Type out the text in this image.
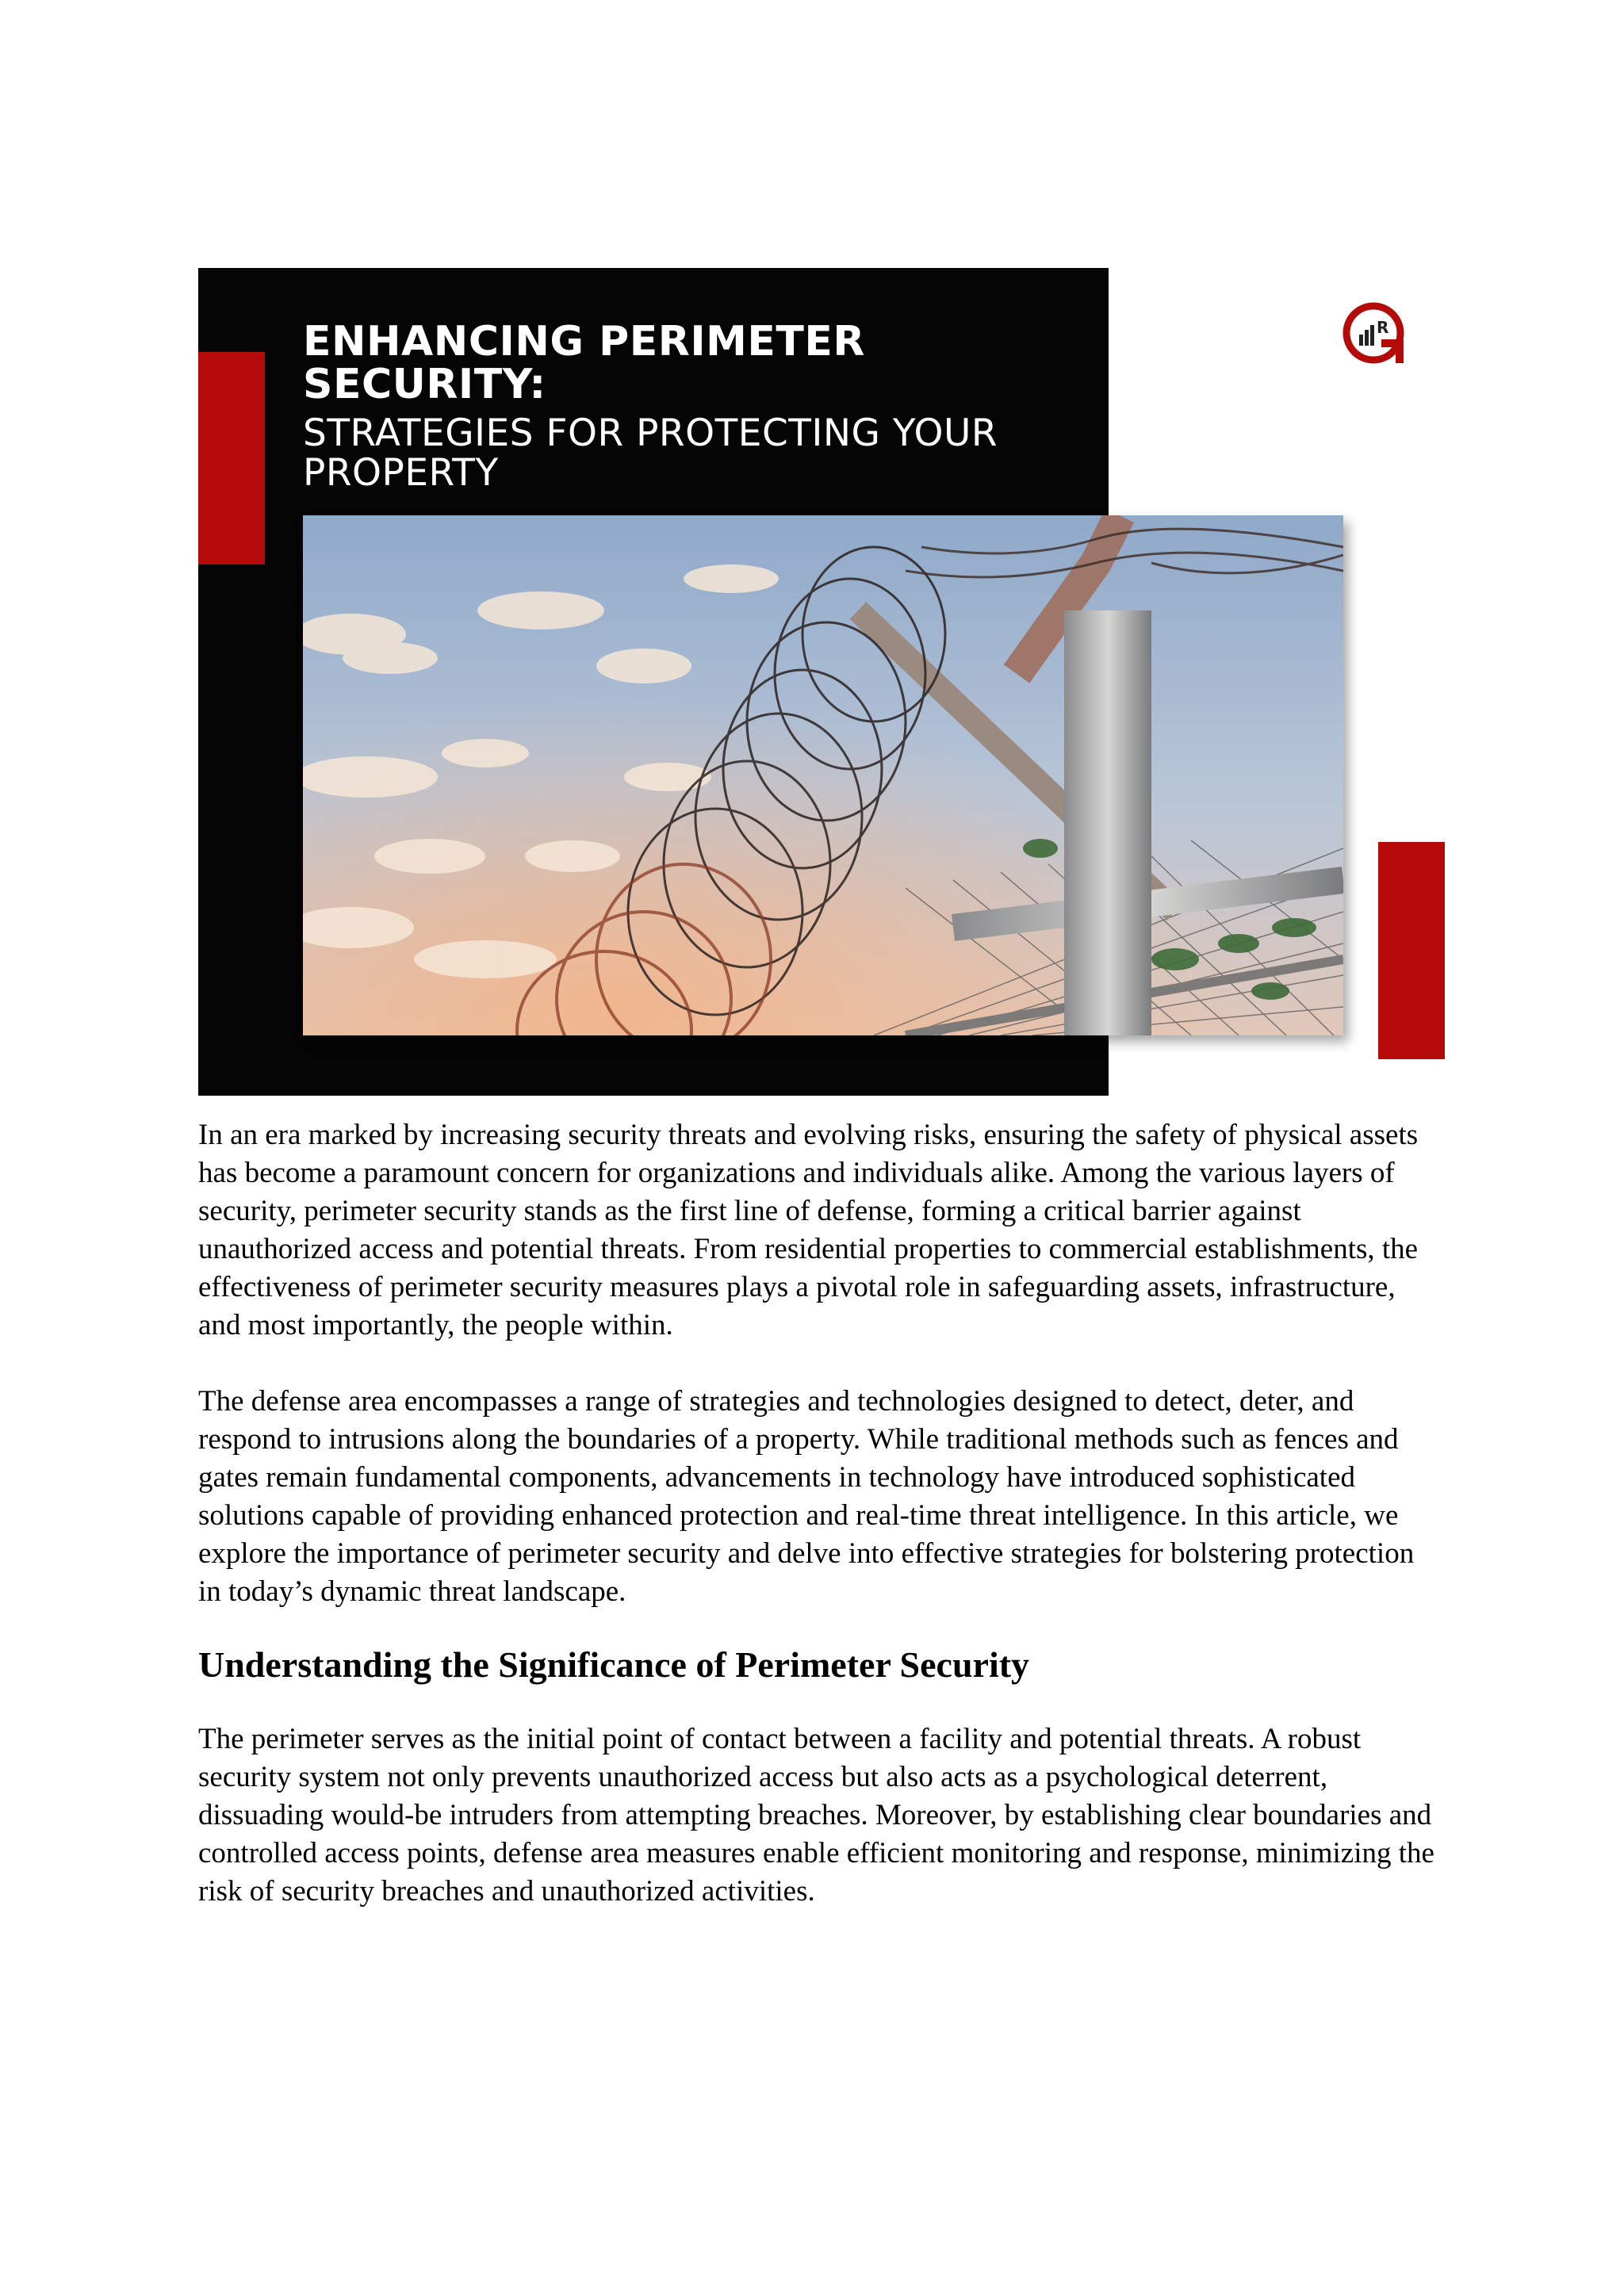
ENHANCING PERIMETER
SECURITY:
STRATEGIES FOR PROTECTING YOUR
PROPERTY
R

In an era marked by increasing security threats and evolving risks, ensuring the safety of physical assets has become a paramount concern for organizations and individuals alike. Among the various layers of security, perimeter security stands as the first line of defense, forming a critical barrier against unauthorized access and potential threats. From residential properties to commercial establishments, the effectiveness of perimeter security measures plays a pivotal role in safeguarding assets, infrastructure, and most importantly, the people within.

The defense area encompasses a range of strategies and technologies designed to detect, deter, and respond to intrusions along the boundaries of a property. While traditional methods such as fences and gates remain fundamental components, advancements in technology have introduced sophisticated solutions capable of providing enhanced protection and real-time threat intelligence. In this article, we explore the importance of perimeter security and delve into effective strategies for bolstering protection in today’s dynamic threat landscape.

Understanding the Significance of Perimeter Security

The perimeter serves as the initial point of contact between a facility and potential threats. A robust security system not only prevents unauthorized access but also acts as a psychological deterrent, dissuading would-be intruders from attempting breaches. Moreover, by establishing clear boundaries and controlled access points, defense area measures enable efficient monitoring and response, minimizing the risk of security breaches and unauthorized activities.
